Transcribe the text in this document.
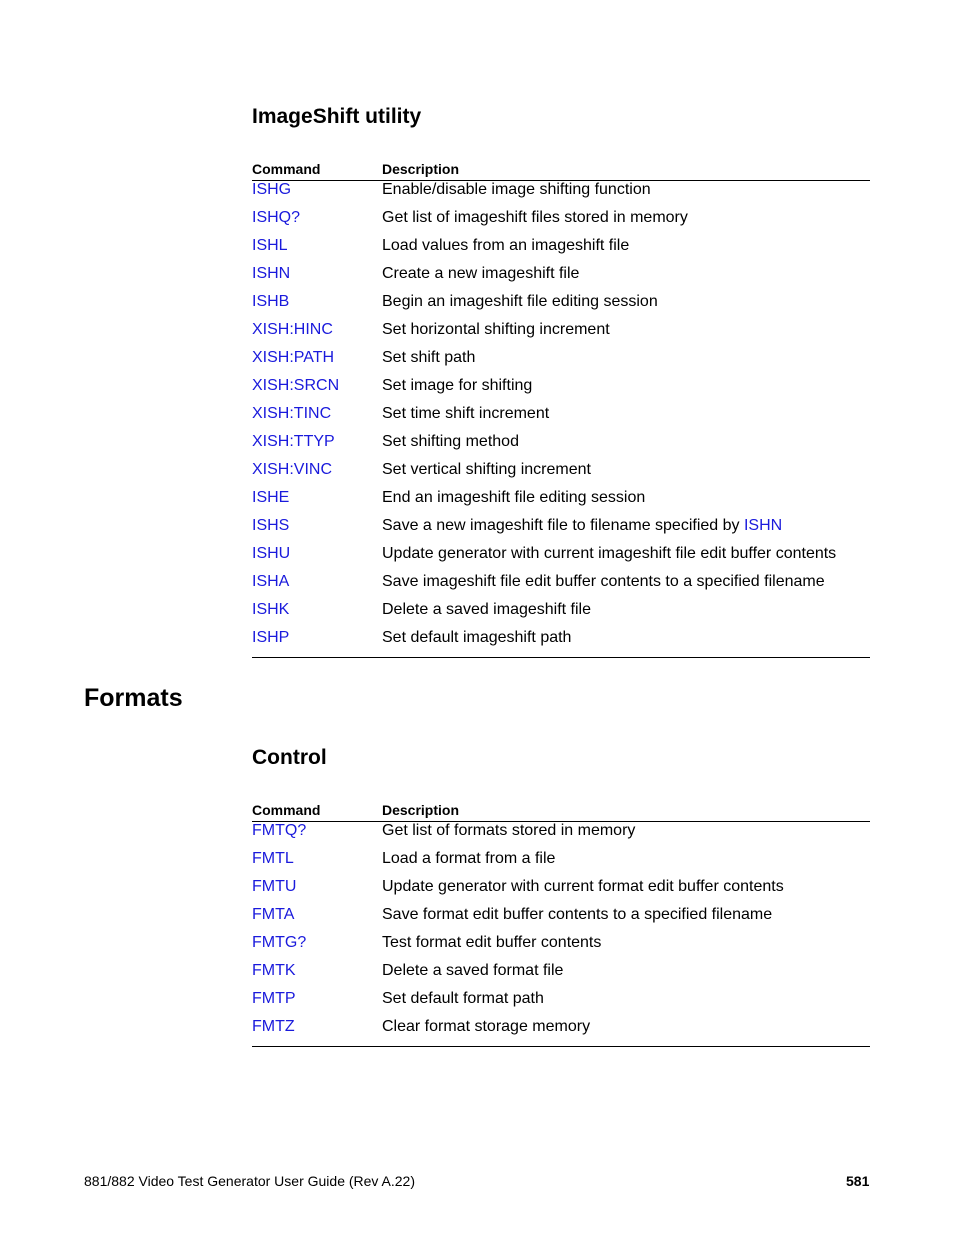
ImageShift utility
Command	Description
ISHG	Enable/disable image shifting function
ISHQ?	Get list of imageshift files stored in memory
ISHL	Load values from an imageshift file
ISHN	Create a new imageshift file
ISHB	Begin an imageshift file editing session
XISH:HINC	Set horizontal shifting increment
XISH:PATH	Set shift path
XISH:SRCN	Set image for shifting
XISH:TINC	Set time shift increment
XISH:TTYP	Set shifting method
XISH:VINC	Set vertical shifting increment
ISHE	End an imageshift file editing session
ISHS	Save a new imageshift file to filename specified by ISHN
ISHU	Update generator with current imageshift file edit buffer contents
ISHA	Save imageshift file edit buffer contents to a specified filename
ISHK	Delete a saved imageshift file
ISHP	Set default imageshift path
Formats
Control
Command	Description
FMTQ?	Get list of formats stored in memory
FMTL	Load a format from a file
FMTU	Update generator with current format edit buffer contents
FMTA	Save format edit buffer contents to a specified filename
FMTG?	Test format edit buffer contents
FMTK	Delete a saved format file
FMTP	Set default format path
FMTZ	Clear format storage memory
881/882 Video Test Generator User Guide (Rev A.22)	581
